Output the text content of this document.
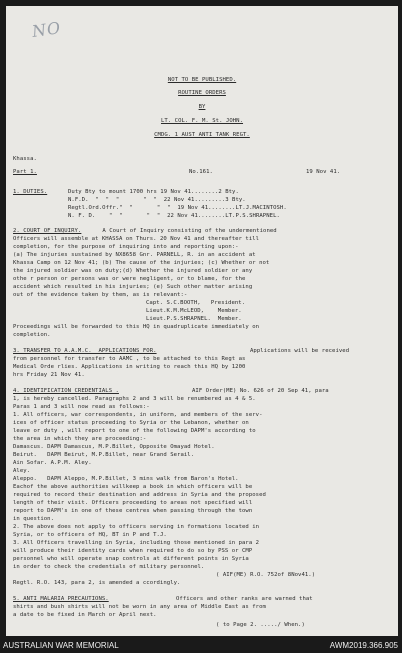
NO
NOT TO BE PUBLISHED.
ROUTINE ORDERS
BY
LT. COL. F. M. St. JOHN.
CMDG. 1 AUST ANTI TANK REGT.
Khassa.
Part 1.	No.161.	19 Nov 41.
1. DUTIES.	Duty Bty to mount 1700 hrs 19 Nov 41........2 Bty.
N.F.D.  "  "  "       "  "  22 Nov 41.........3 Bty.
Regtl.Ord.Offr."  "       "  "  19 Nov 41........LT.J.MACINTOSH.
N. F. D.    "  "       "  "  22 Nov 41........LT.P.S.SHRAPNEL.
2. COURT OF INQUIRY.	A Court of Inquiry consisting of the undermentioned
Officers will assemble at KHASSA on Thurs. 20 Nov 41 and thereafter till
completion, for the purpose of inquiring into and reporting upon:-
(a) The injuries sustained by NX8658 Gnr. PARNELL, R. in an accident at
Khassa Camp on 12 Nov 41; (b) The cause of the injuries; (c) Whether or not
the injured soldier was on duty;(d) Whether the injured soldier or any
othe r person or persons was or were negligent, or to blame, for the
accident which resulted in his injuries; (e) Such other matter arising
out of the evidence taken by them, as is relevant:-
Capt. S.C.BOOTH,   President.
Lieut.K.M.McLEOD,    Member.
Lieut.P.S.SHRAPNEL.  Member.
Proceedings will be forwarded to this HQ in quadruplicate immediately on
completion.
3. TRANSFER TO A.A.M.C.  APPLICATIONS FOR.	Applications will be received
from personnel for transfer to AAMC , to be attached to this Regt as
Medical Orde rlies. Applications in writing to reach this HQ by 1200
hrs Friday 21 Nov 41.
4. IDENTIFICATION CREDENTIALS .	AIF Order(ME) No. 626 of 20 Sep 41, para
1, is hereby cancelled. Paragraphs 2 and 3 will be renumbered as 4 & 5.
Paras 1 and 3 will now read as follows:-
1. All officers, war correspondents, in uniform, and members of the serv-
ices of officer status proceeding to Syria or the Lebanon, whether on
leave or duty , will report to one of the following DAPM's according to
the area in which they are proceeding:-
Damascus. DAPM Damascus, M.P.Billet, Opposite Omayad Hotel.
Beirut.   DAPM Beirut, M.P.Billet, near Grand Serail.
Ain Sofar. A.P.M. Aley.
Aley.
Aleppo.   DAPM Aleppo, M.P.Billet, 3 mins walk from Baron's Hotel.
Eachof the above authorities willkeep a book in which officers will be
required to record their destination and address in Syria and the proposed
length of their visit. Officers proceeding to areas not specified will
report to DAPM's in one of these centres when passing through the town
in question.
2. The above does not apply to officers serving in formations located in
Syria, or to officers of HQ, BT in P and T.J.
3. All Officers travelling in Syria, including those mentioned in para 2
will produce their identity cards when required to do so by PSS or CMP
personnel who will operate snap controls at different points in Syria
in order to check the credentials of military personnel.
( AIF(ME) R.O. 752of 8Nov41.)
Regtl. R.O. 143, para 2, is amended a ccordingly.
5. ANTI MALARIA PRECAUTIONS.	Officers and other ranks are warned that
shirts and bush shirts will not be worn in any area of Middle East as from
a date to be fixed in March or April next.
( to Page 2. ...../ When.)
AUSTRALIAN WAR MEMORIAL	AWM2019.366.905
